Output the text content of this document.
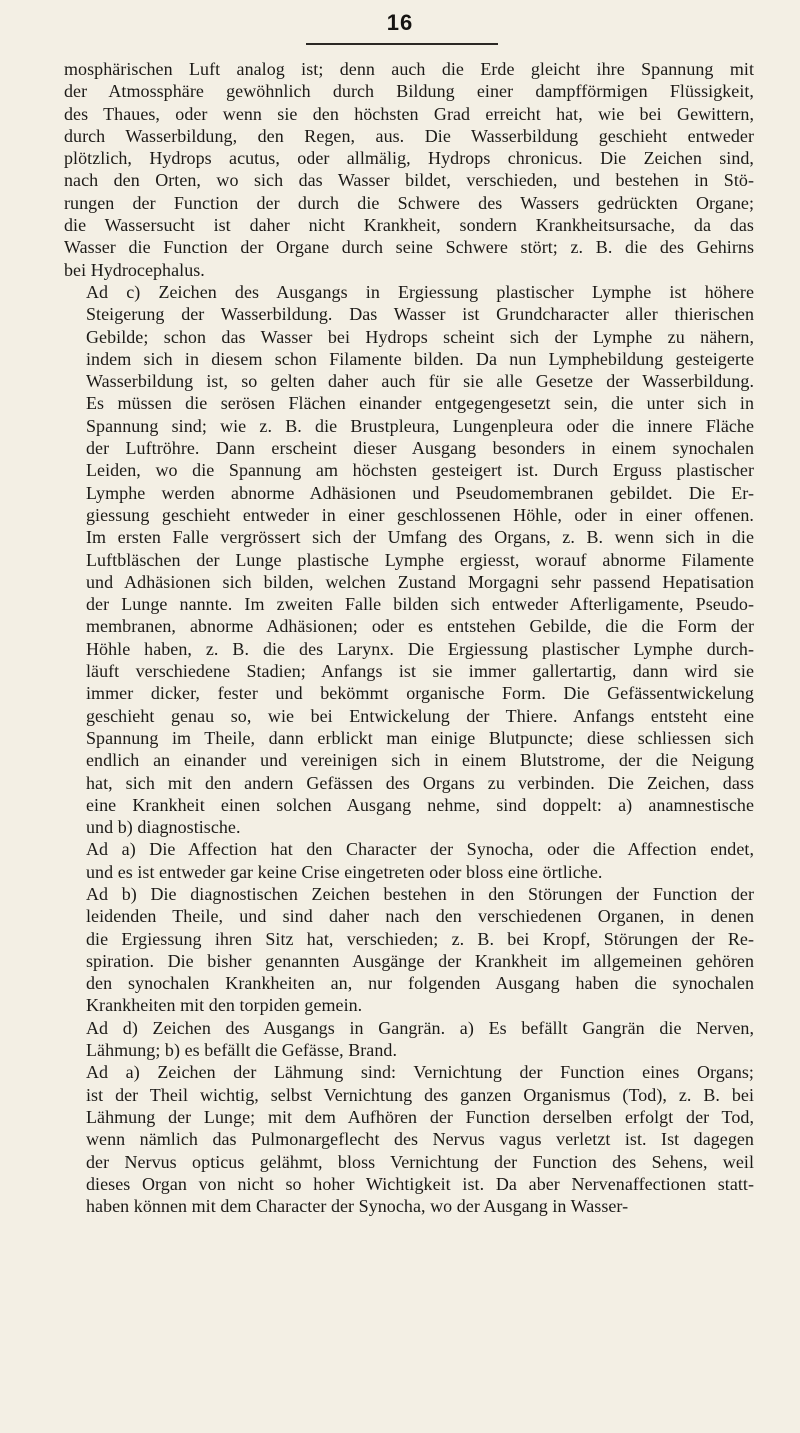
16

mosphärischen Luft analog ist; denn auch die Erde gleicht ihre Spannung mit
der Atmossphäre gewöhnlich durch Bildung einer dampfförmigen Flüssigkeit,
des Thaues, oder wenn sie den höchsten Grad erreicht hat, wie bei Gewittern,
durch Wasserbildung, den Regen, aus. Die Wasserbildung geschieht entweder
plötzlich, Hydrops acutus, oder allmälig, Hydrops chronicus. Die Zeichen sind,
nach den Orten, wo sich das Wasser bildet, verschieden, und bestehen in Stö-
rungen der Function der durch die Schwere des Wassers gedrückten Organe;
die Wassersucht ist daher nicht Krankheit, sondern Krankheitsursache, da das
Wasser die Function der Organe durch seine Schwere stört; z. B. die des Gehirns
bei Hydrocephalus.

Ad c) Zeichen des Ausgangs in Ergiessung plastischer Lymphe ist höhere
Steigerung der Wasserbildung. Das Wasser ist Grundcharacter aller thierischen
Gebilde; schon das Wasser bei Hydrops scheint sich der Lymphe zu nähern,
indem sich in diesem schon Filamente bilden. Da nun Lymphebildung gesteigerte
Wasserbildung ist, so gelten daher auch für sie alle Gesetze der Wasserbildung.
Es müssen die serösen Flächen einander entgegengesetzt sein, die unter sich in
Spannung sind; wie z. B. die Brustpleura, Lungenpleura oder die innere Fläche
der Luftröhre. Dann erscheint dieser Ausgang besonders in einem synochalen
Leiden, wo die Spannung am höchsten gesteigert ist. Durch Erguss plastischer
Lymphe werden abnorme Adhäsionen und Pseudomembranen gebildet. Die Er-
giessung geschieht entweder in einer geschlossenen Höhle, oder in einer offenen.
Im ersten Falle vergrössert sich der Umfang des Organs, z. B. wenn sich in die
Luftbläschen der Lunge plastische Lymphe ergiesst, worauf abnorme Filamente
und Adhäsionen sich bilden, welchen Zustand Morgagni sehr passend Hepatisation
der Lunge nannte. Im zweiten Falle bilden sich entweder Afterligamente, Pseudo-
membranen, abnorme Adhäsionen; oder es entstehen Gebilde, die die Form der
Höhle haben, z. B. die des Larynx. Die Ergiessung plastischer Lymphe durch-
läuft verschiedene Stadien; Anfangs ist sie immer gallertartig, dann wird sie
immer dicker, fester und bekömmt organische Form. Die Gefässentwickelung
geschieht genau so, wie bei Entwickelung der Thiere. Anfangs entsteht eine
Spannung im Theile, dann erblickt man einige Blutpuncte; diese schliessen sich
endlich an einander und vereinigen sich in einem Blutstrome, der die Neigung
hat, sich mit den andern Gefässen des Organs zu verbinden. Die Zeichen, dass
eine Krankheit einen solchen Ausgang nehme, sind doppelt: a) anamnestische
und b) diagnostische.

Ad a) Die Affection hat den Character der Synocha, oder die Affection endet,
und es ist entweder gar keine Crise eingetreten oder bloss eine örtliche.

Ad b) Die diagnostischen Zeichen bestehen in den Störungen der Function der
leidenden Theile, und sind daher nach den verschiedenen Organen, in denen
die Ergiessung ihren Sitz hat, verschieden; z. B. bei Kropf, Störungen der Re-
spiration. Die bisher genannten Ausgänge der Krankheit im allgemeinen gehören
den synochalen Krankheiten an, nur folgenden Ausgang haben die synochalen
Krankheiten mit den torpiden gemein.

Ad d) Zeichen des Ausgangs in Gangrän. a) Es befällt Gangrän die Nerven,
Lähmung; b) es befällt die Gefässe, Brand.

Ad a) Zeichen der Lähmung sind: Vernichtung der Function eines Organs;
ist der Theil wichtig, selbst Vernichtung des ganzen Organismus (Tod), z. B. bei
Lähmung der Lunge; mit dem Aufhören der Function derselben erfolgt der Tod,
wenn nämlich das Pulmonargeflecht des Nervus vagus verletzt ist. Ist dagegen
der Nervus opticus gelähmt, bloss Vernichtung der Function des Sehens, weil
dieses Organ von nicht so hoher Wichtigkeit ist. Da aber Nervenaffectionen statt-
haben können mit dem Character der Synocha, wo der Ausgang in Wasser-
